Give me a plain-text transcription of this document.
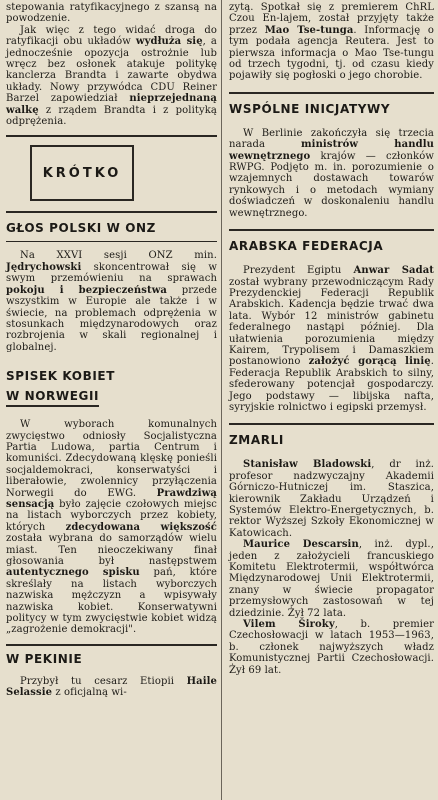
stepowania ratyfikacyjnego z szansą na powodzenie.

Jak więc z tego widać droga do ratyfikacji obu układów wydłuża się, a jednocześnie opozycja ostrożnie lub wręcz bez osłonek atakuje politykę kanclerza Brandta i zawarte obydwa układy. Nowy przywódca CDU Reiner Barzel zapowiedział nieprzejednaną walkę z rządem Brandta i z polityką odprężenia.

KRÓTKO
GŁOS POLSKI W ONZ

Na XXVI sesji ONZ min. Jędrychowski skoncentrował się w swym przemówieniu na sprawach pokoju i bezpieczeństwa przede wszystkim w Europie ale także i w świecie, na problemach odprężenia w stosunkach międzynarodowych oraz rozbrojenia w skali regionalnej i globalnej.

SPISEK KOBIET
W NORWEGII

W wyborach komunalnych zwycięstwo odniosły Socjalistyczna Partia Ludowa, partia Centrum i komuniści. Zdecydowaną klęskę ponieśli socjaldemokraci, konserwatyści i liberałowie, zwolennicy przyłączenia Norwegii do EWG. Prawdziwą sensacją było zajęcie czołowych miejsc na listach wyborczych przez kobiety, których zdecydowana większość została wybrana do samorządów wielu miast. Ten nieoczekiwany finał głosowania był następstwem autentycznego spisku pań, które skreślały na listach wyborczych nazwiska mężczyzn a wpisywały nazwiska kobiet. Konserwatywni politycy w tym zwycięstwie kobiet widzą „zagrożenie demokracji".

W PEKINIE

Przybył tu cesarz Etiopii Haile Selassie z oficjalną wi-

zytą. Spotkał się z premierem ChRL Czou En-lajem, został przyjęty także przez Mao Tse-tunga. Informację o tym podała agencja Reutera. Jest to pierwsza informacja o Mao Tse-tungu od trzech tygodni, tj. od czasu kiedy pojawiły się pogłoski o jego chorobie.

WSPÓLNE INICJATYWY

W Berlinie zakończyła się trzecia narada ministrów handlu wewnętrznego krajów — członków RWPG. Podjęto m. in. porozumienie o wzajemnych dostawach towarów rynkowych i o metodach wymiany doświadczeń w doskonaleniu handlu wewnętrznego.

ARABSKA FEDERACJA

Prezydent Egiptu Anwar Sadat został wybrany przewodniczącym Rady Prezydenckiej Federacji Republik Arabskich. Kadencja będzie trwać dwa lata. Wybór 12 ministrów gabinetu federalnego nastąpi później. Dla ułatwienia porozumienia między Kairem, Trypolisem i Damaszkiem postanowiono założyć gorącą linię. Federacja Republik Arabskich to silny, sfederowany potencjał gospodarczy. Jego podstawy — libijska nafta, syryjskie rolnictwo i egipski przemysł.

ZMARLI

Stanisław Bladowski, dr inż. profesor nadzwyczajny Akademii Górniczo-Hutniczej im. Staszica, kierownik Zakładu Urządzeń i Systemów Elektro-Energetycznych, b. rektor Wyższej Szkoły Ekonomicznej w Katowicach.

Maurice Descarsin, inż. dypl., jeden z założycieli francuskiego Komitetu Elektrotermii, współtwórca Międzynarodowej Unii Elektrotermii, znany w świecie propagator przemysłowych zastosowań w tej dziedzinie. Żył 72 lata.

Vilem Široky, b. premier Czechosłowacji w latach 1953—1963, b. członek najwyższych władz Komunistycznej Partii Czechosłowacji. Żył 69 lat.
